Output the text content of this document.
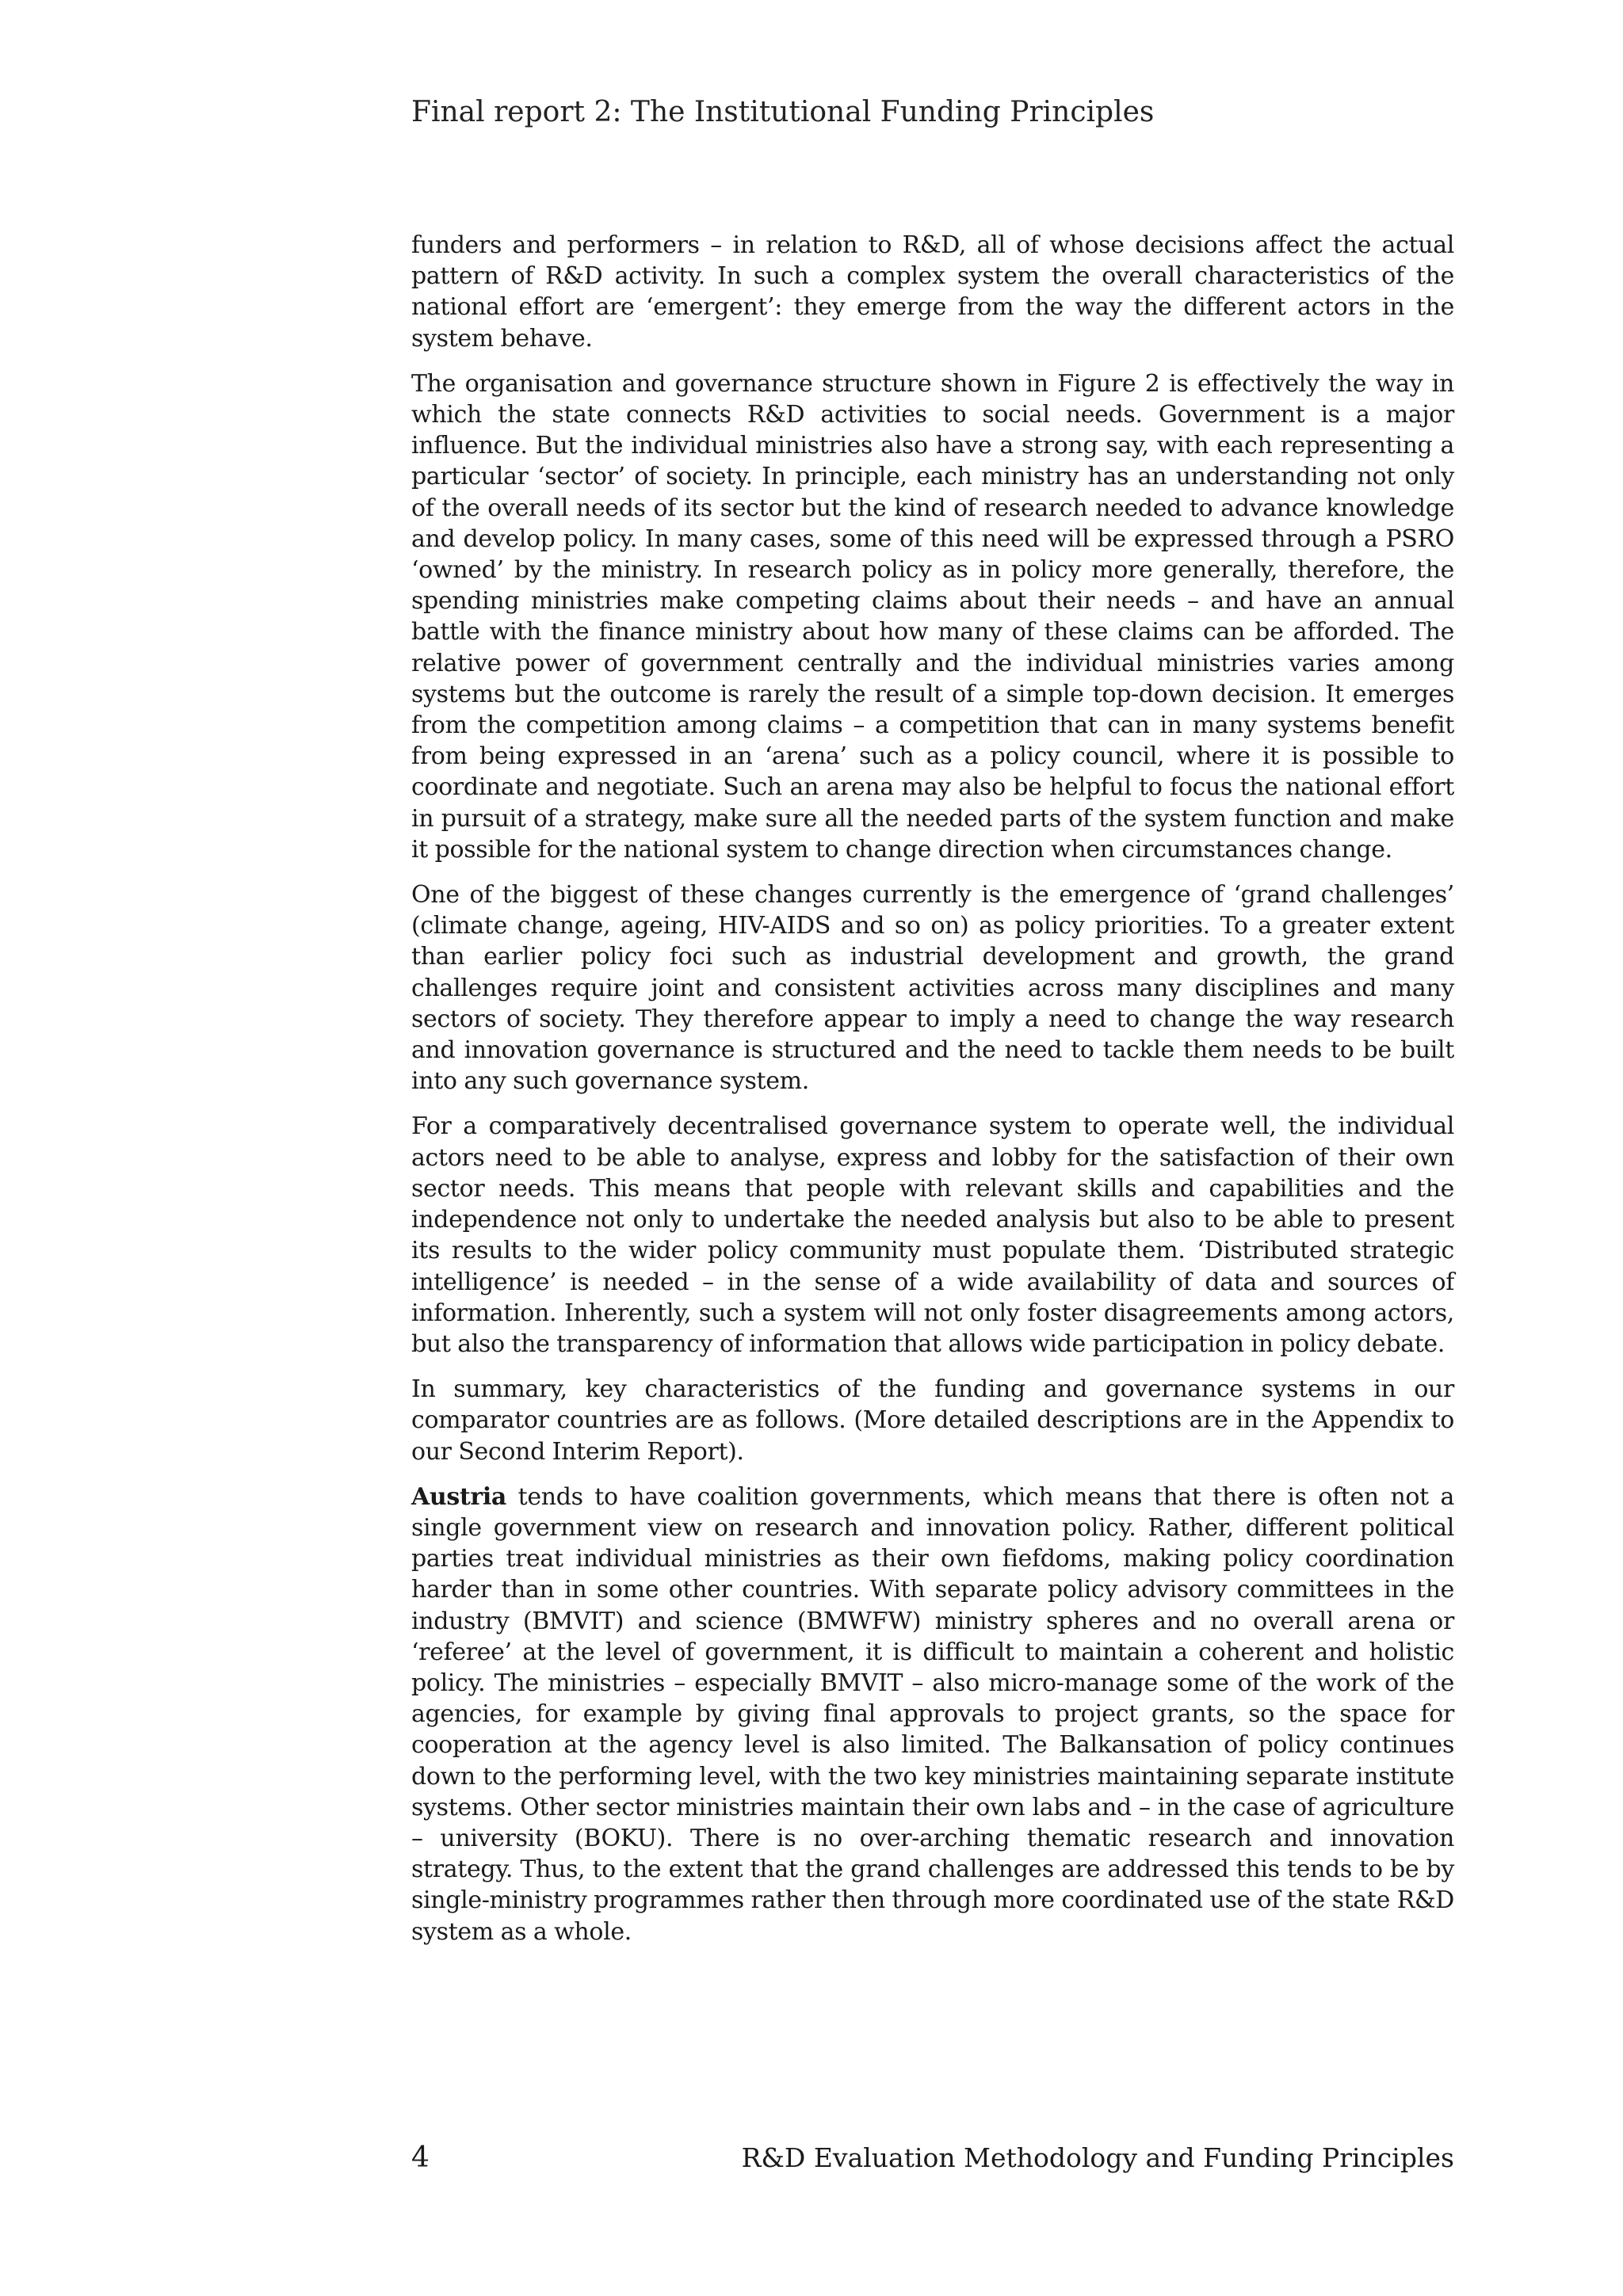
Final report 2: The Institutional Funding Principles

funders and performers – in relation to R&D, all of whose decisions affect the actual pattern of R&D activity. In such a complex system the overall characteristics of the national effort are ‘emergent’: they emerge from the way the different actors in the system behave.

The organisation and governance structure shown in Figure 2 is effectively the way in which the state connects R&D activities to social needs. Government is a major influence. But the individual ministries also have a strong say, with each representing a particular ‘sector’ of society. In principle, each ministry has an understanding not only of the overall needs of its sector but the kind of research needed to advance knowledge and develop policy. In many cases, some of this need will be expressed through a PSRO ‘owned’ by the ministry. In research policy as in policy more generally, therefore, the spending ministries make competing claims about their needs – and have an annual battle with the finance ministry about how many of these claims can be afforded. The relative power of government centrally and the individual ministries varies among systems but the outcome is rarely the result of a simple top-down decision. It emerges from the competition among claims – a competition that can in many systems benefit from being expressed in an ‘arena’ such as a policy council, where it is possible to coordinate and negotiate. Such an arena may also be helpful to focus the national effort in pursuit of a strategy, make sure all the needed parts of the system function and make it possible for the national system to change direction when circumstances change.

One of the biggest of these changes currently is the emergence of ‘grand challenges’ (climate change, ageing, HIV-AIDS and so on) as policy priorities. To a greater extent than earlier policy foci such as industrial development and growth, the grand challenges require joint and consistent activities across many disciplines and many sectors of society. They therefore appear to imply a need to change the way research and innovation governance is structured and the need to tackle them needs to be built into any such governance system.

For a comparatively decentralised governance system to operate well, the individual actors need to be able to analyse, express and lobby for the satisfaction of their own sector needs. This means that people with relevant skills and capabilities and the independence not only to undertake the needed analysis but also to be able to present its results to the wider policy community must populate them. ‘Distributed strategic intelligence’ is needed – in the sense of a wide availability of data and sources of information. Inherently, such a system will not only foster disagreements among actors, but also the transparency of information that allows wide participation in policy debate.

In summary, key characteristics of the funding and governance systems in our comparator countries are as follows. (More detailed descriptions are in the Appendix to our Second Interim Report).

Austria tends to have coalition governments, which means that there is often not a single government view on research and innovation policy. Rather, different political parties treat individual ministries as their own fiefdoms, making policy coordination harder than in some other countries. With separate policy advisory committees in the industry (BMVIT) and science (BMWFW) ministry spheres and no overall arena or ‘referee’ at the level of government, it is difficult to maintain a coherent and holistic policy. The ministries – especially BMVIT – also micro-manage some of the work of the agencies, for example by giving final approvals to project grants, so the space for cooperation at the agency level is also limited. The Balkansation of policy continues down to the performing level, with the two key ministries maintaining separate institute systems. Other sector ministries maintain their own labs and – in the case of agriculture – university (BOKU). There is no over-arching thematic research and innovation strategy. Thus, to the extent that the grand challenges are addressed this tends to be by single-ministry programmes rather then through more coordinated use of the state R&D system as a whole.

4	R&D Evaluation Methodology and Funding Principles
